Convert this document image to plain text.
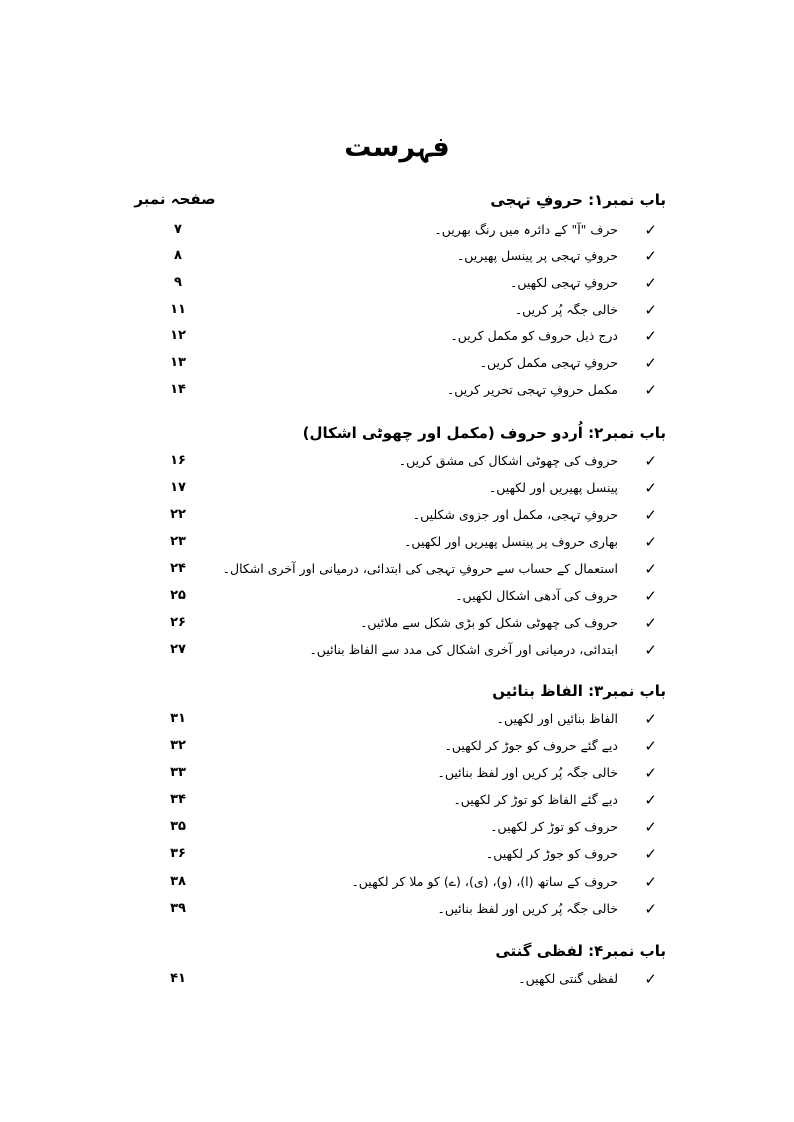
فہرست
صفحہ نمبر	باب نمبر۱: حروفِ تہجی
✓
حرف "آ" کے دائرہ میں رنگ بھریں۔
۷
✓
حروفِ تہجی پر پینسل پھیریں۔
۸
✓
حروفِ تہجی لکھیں۔
۹
✓
خالی جگہ پُر کریں۔
۱۱
✓
درج ذیل حروف کو مکمل کریں۔
۱۲
✓
حروفِ تہجی مکمل کریں۔
۱۳
✓
مکمل حروفِ تہجی تحریر کریں۔
۱۴
باب نمبر۲: اُردو حروف (مکمل اور چھوٹی اشکال)
✓
حروف کی چھوٹی اشکال کی مشق کریں۔
۱۶
✓
پینسل پھیریں اور لکھیں۔
۱۷
✓
حروفِ تہجی، مکمل اور جزوی شکلیں۔
۲۲
✓
بھاری حروف پر پینسل پھیریں اور لکھیں۔
۲۳
✓
استعمال کے حساب سے حروفِ تہجی کی ابتدائی، درمیانی اور آخری اشکال۔
۲۴
✓
حروف کی آدھی اشکال لکھیں۔
۲۵
✓
حروف کی چھوٹی شکل کو بڑی شکل سے ملائیں۔
۲۶
✓
ابتدائی، درمیانی اور آخری اشکال کی مدد سے الفاظ بنائیں۔
۲۷
باب نمبر۳: الفاظ بنائیں
✓
الفاظ بنائیں اور لکھیں۔
۳۱
✓
دیے گئے حروف کو جوڑ کر لکھیں۔
۳۲
✓
خالی جگہ پُر کریں اور لفظ بنائیں۔
۳۳
✓
دیے گئے الفاظ کو توڑ کر لکھیں۔
۳۴
✓
حروف کو توڑ کر لکھیں۔
۳۵
✓
حروف کو جوڑ کر لکھیں۔
۳۶
✓
حروف کے ساتھ (ا)، (و)، (ی)، (ے) کو ملا کر لکھیں۔
۳۸
✓
خالی جگہ پُر کریں اور لفظ بنائیں۔
۳۹
باب نمبر۴: لفظی گنتی
✓
لفظی گنتی لکھیں۔
۴۱
